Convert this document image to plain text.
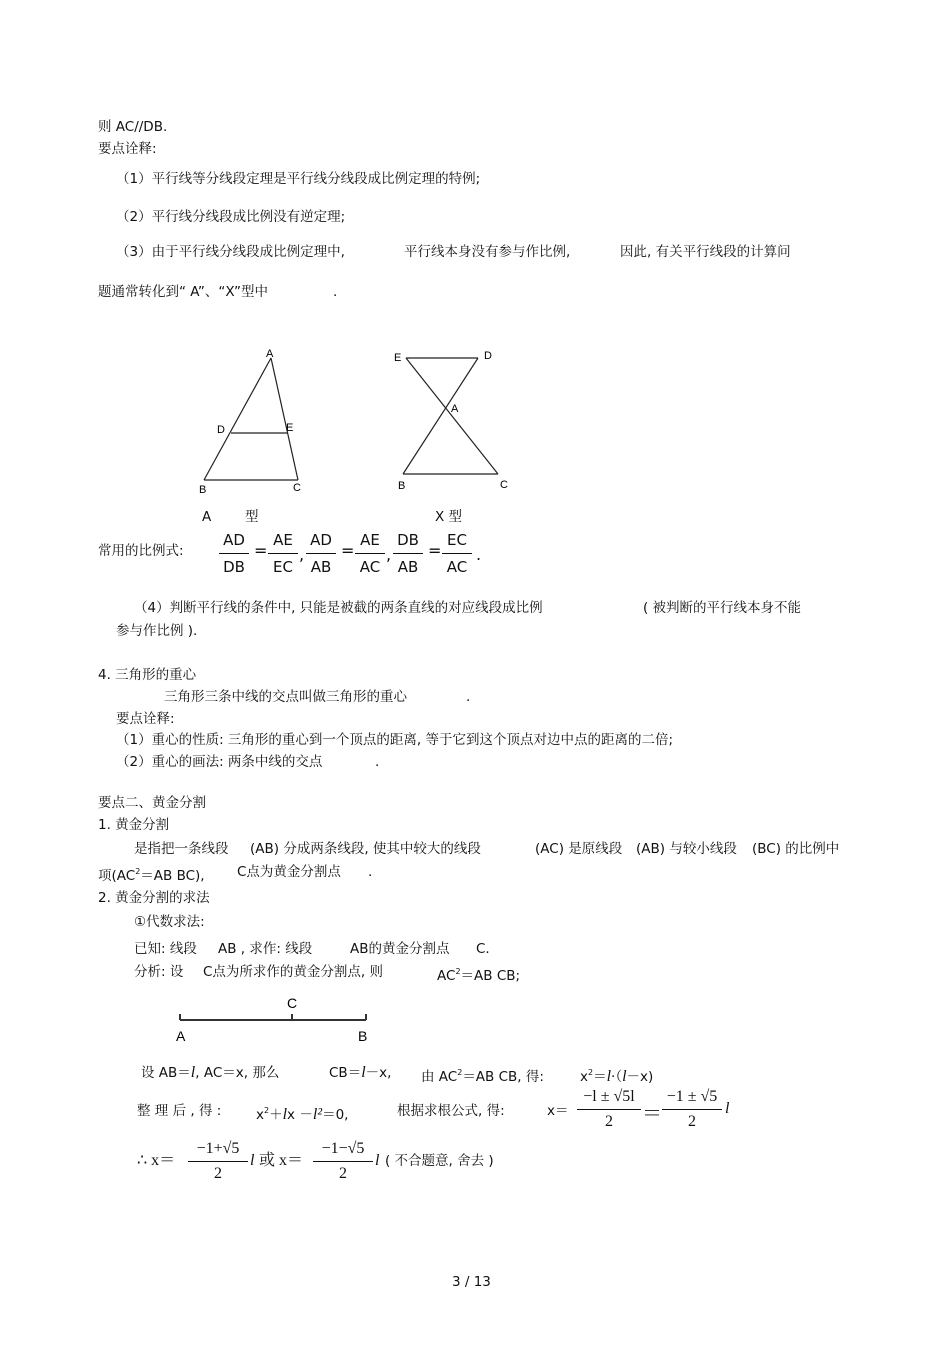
则 AC//DB.
要点诠释:
（1）平行线等分线段定理是平行线分线段成比例定理的特例;
（2）平行线分线段成比例没有逆定理;
（3）由于平行线分线段成比例定理中,	平行线本身没有参与作比例,	因此, 有关平行线段的计算问
题通常转化到“ A”、“X”型中	.
A
D	E
B	C
E	D
A
B	C
A	型	X 型
常用的比例式:
AD
DB
=
AE
EC
,
AD
AB
=
AE
AC
,
DB
AB
=
EC
AC
.
（4）判断平行线的条件中, 只能是被截的两条直线的对应线段成比例	( 被判断的平行线本身不能
参与作比例 ).
4. 三角形的重心
三角形三条中线的交点叫做三角形的重心	.
要点诠释:
（1）重心的性质: 三角形的重心到一个顶点的距离, 等于它到这个顶点对边中点的距离的二倍;
（2）重心的画法: 两条中线的交点	.
要点二、黄金分割
1. 黄金分割
是指把一条线段 (AB) 分成两条线段, 使其中较大的线段	(AC) 是原线段 (AB) 与较小线段 (BC) 的比例中
项($AC^2=AB$ BC), C点为黄金分割点 .
2. 黄金分割的求法
①代数求法:
已知: 线段 AB , 求作: 线段	AB的黄金分割点 C.
分析: 设 C点为所求作的黄金分割点, 则	$AC^2=AB$ CB;
C
A	B
设 AB＝l, AC＝x, 那么	CB＝l－x, 由 $AC^2=AB$ CB, 得:	$x^2=l\cdot(l-x)$
整 理 后 , 得 :	$x^2+lx -l^2=0$,	根据求根公式, 得:	x＝
−l ± √5l
2	＝
−1 ± √5
2
l
∴ x＝
−1+√5
2
l 或 x＝
−1−√5
2
l ( 不合题意, 舍去 )
3 / 13
